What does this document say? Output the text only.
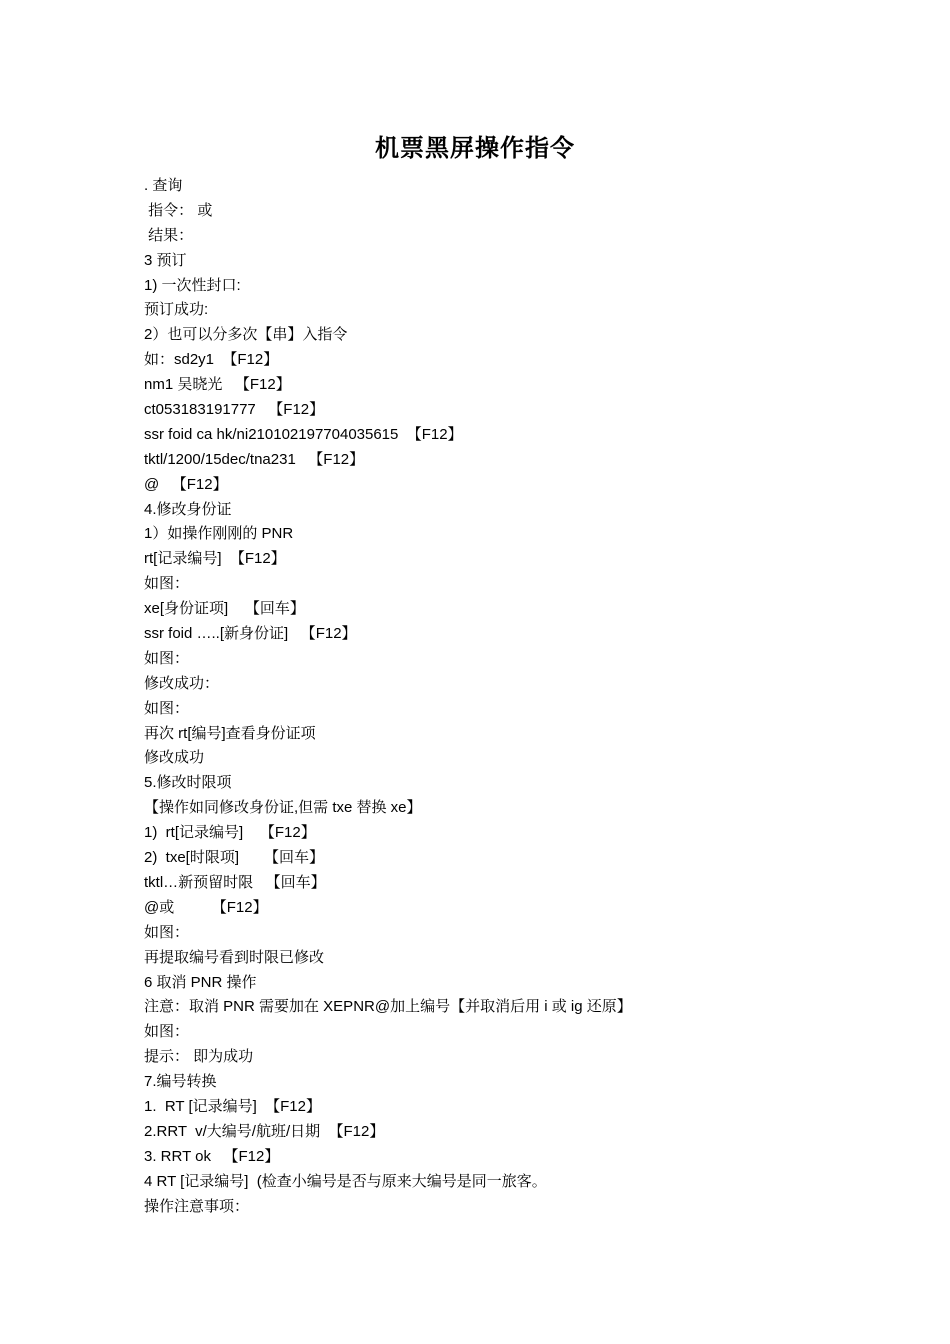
机票黑屏操作指令
. 查询
指令： 或
结果：
3 预订
1) 一次性封口:
预订成功:
2）也可以分多次【串】入指令
如：sd2y1  【F12】
nm1 吴晓光   【F12】
ct053183191777   【F12】
ssr foid ca hk/ni210102197704035615  【F12】
tktl/1200/15dec/tna231   【F12】
@   【F12】
4.修改身份证
1）如操作刚刚的 PNR
rt[记录编号]  【F12】
如图：
xe[身份证项]    【回车】
ssr foid …..[新身份证]   【F12】
如图：
修改成功：
如图：
再次 rt[编号]查看身份证项
修改成功
5.修改时限项
【操作如同修改身份证,但需 txe 替换 xe】
1)  rt[记录编号]    【F12】
2)  txe[时限项]      【回车】
tktl…新预留时限   【回车】
@或         【F12】
如图：
再提取编号看到时限已修改
6 取消 PNR 操作
注意：取消 PNR 需要加在 XEPNR@加上编号【并取消后用 i 或 ig 还原】
如图：
提示： 即为成功
7.编号转换
1.  RT [记录编号]  【F12】
2.RRT  v/大编号/航班/日期  【F12】
3. RRT ok   【F12】
4 RT [记录编号]  (检查小编号是否与原来大编号是同一旅客。
操作注意事项：
